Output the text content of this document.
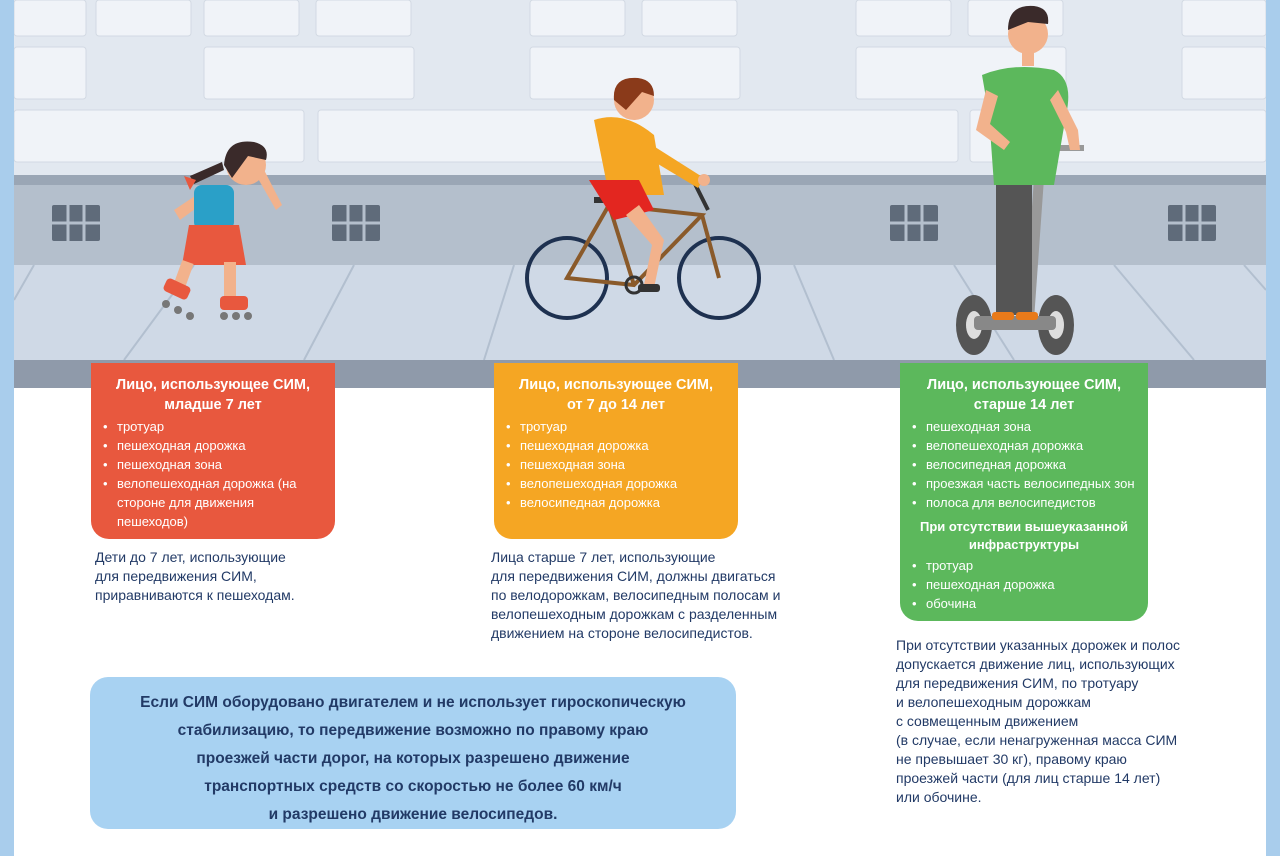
Лицо, использующее СИМ,
младше 7 лет
• тротуар
• пешеходная дорожка
• пешеходная зона
• велопешеходная дорожка (на стороне для движения пешеходов)
Лицо, использующее СИМ,
от 7 до 14 лет
• тротуар
• пешеходная дорожка
• пешеходная зона
• велопешеходная дорожка
• велосипедная дорожка
Лицо, использующее СИМ,
старше 14 лет
• пешеходная зона
• велопешеходная дорожка
• велосипедная дорожка
• проезжая часть велосипедных зон
• полоса для велосипедистов
При отсутствии вышеуказанной инфраструктуры
• тротуар
• пешеходная дорожка
• обочина

Дети до 7 лет, использующие
для передвижения СИМ,
приравниваются к пешеходам.

Лица старше 7 лет, использующие
для передвижения СИМ, должны двигаться
по велодорожкам, велосипедным полосам и
велопешеходным дорожкам с разделенным
движением на стороне велосипедистов.

При отсутствии указанных дорожек и полос
допускается движение лиц, использующих
для передвижения СИМ, по тротуару
и велопешеходным дорожкам
с совмещенным движением
(в случае, если ненагруженная масса СИМ
не превышает 30 кг), правому краю
проезжей части (для лиц старше 14 лет)
или обочине.

Если СИМ оборудовано двигателем и не использует гироскопическую
стабилизацию, то передвижение возможно по правому краю
проезжей части дорог, на которых разрешено движение
транспортных средств со скоростью не более 60 км/ч
и разрешено движение велосипедов.
